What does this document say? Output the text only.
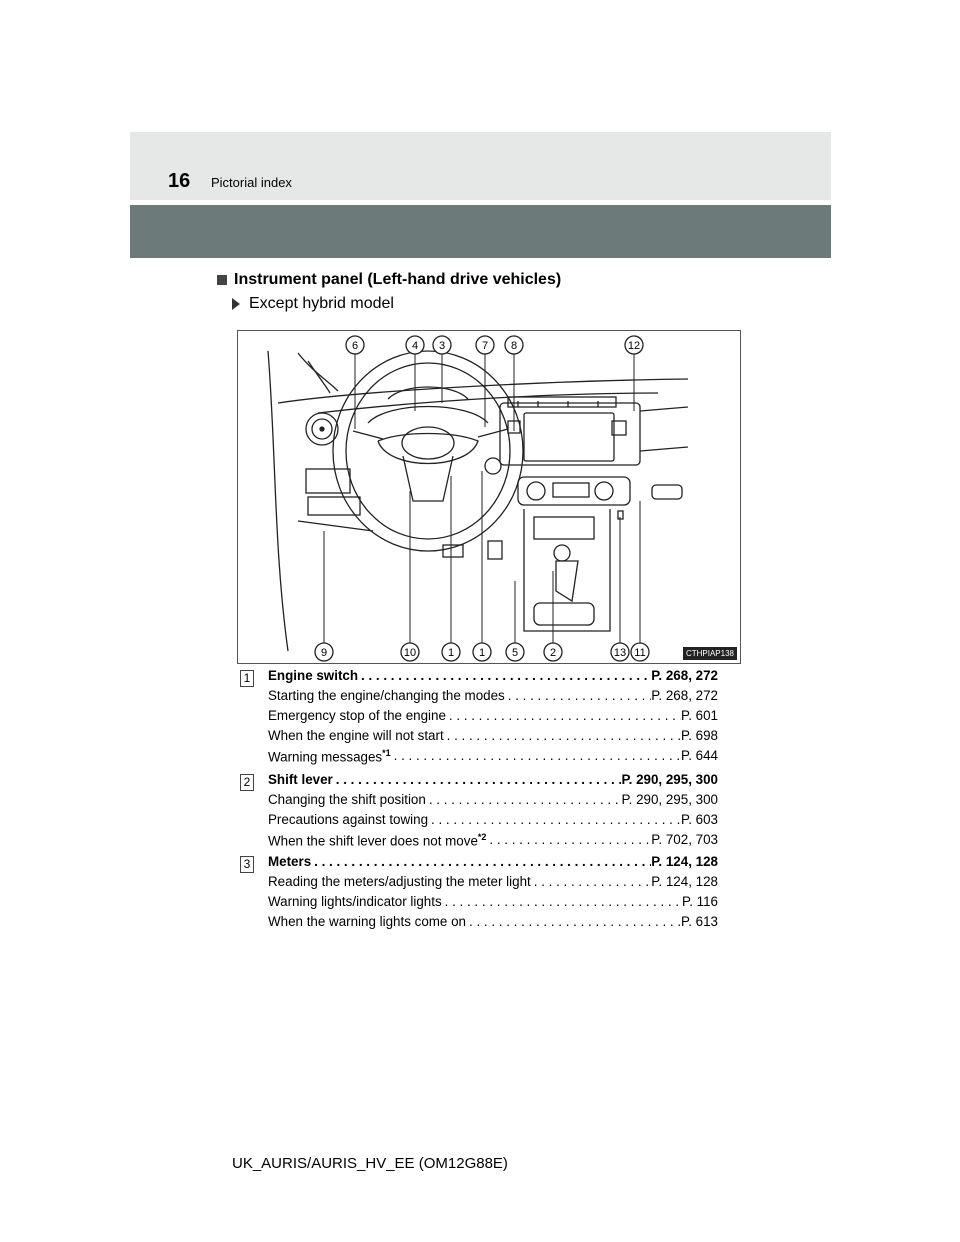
16 Pictorial index
Instrument panel (Left-hand drive vehicles)
Except hybrid model
6	4 3	7 8	12
9	10	1 1 5	2	13 11	CTHPIAP138
1 Engine switch . . .	P. 268, 272
Starting the engine/changing the modes . . .	P. 268, 272
Emergency stop of the engine . . .	P. 601
When the engine will not start . . .	P. 698
Warning messages$^{*1}$ . . .	P. 644
2 Shift lever . . .	P. 290, 295, 300
Changing the shift position . . .	P. 290, 295, 300
Precautions against towing . . .	P. 603
When the shift lever does not move$^{*2}$ . . .	P. 702, 703
3 Meters . . .	P. 124, 128
Reading the meters/adjusting the meter light . . .	P. 124, 128
Warning lights/indicator lights . . .	P. 116
When the warning lights come on . . .	P. 613
UK_AURIS/AURIS_HV_EE (OM12G88E)
